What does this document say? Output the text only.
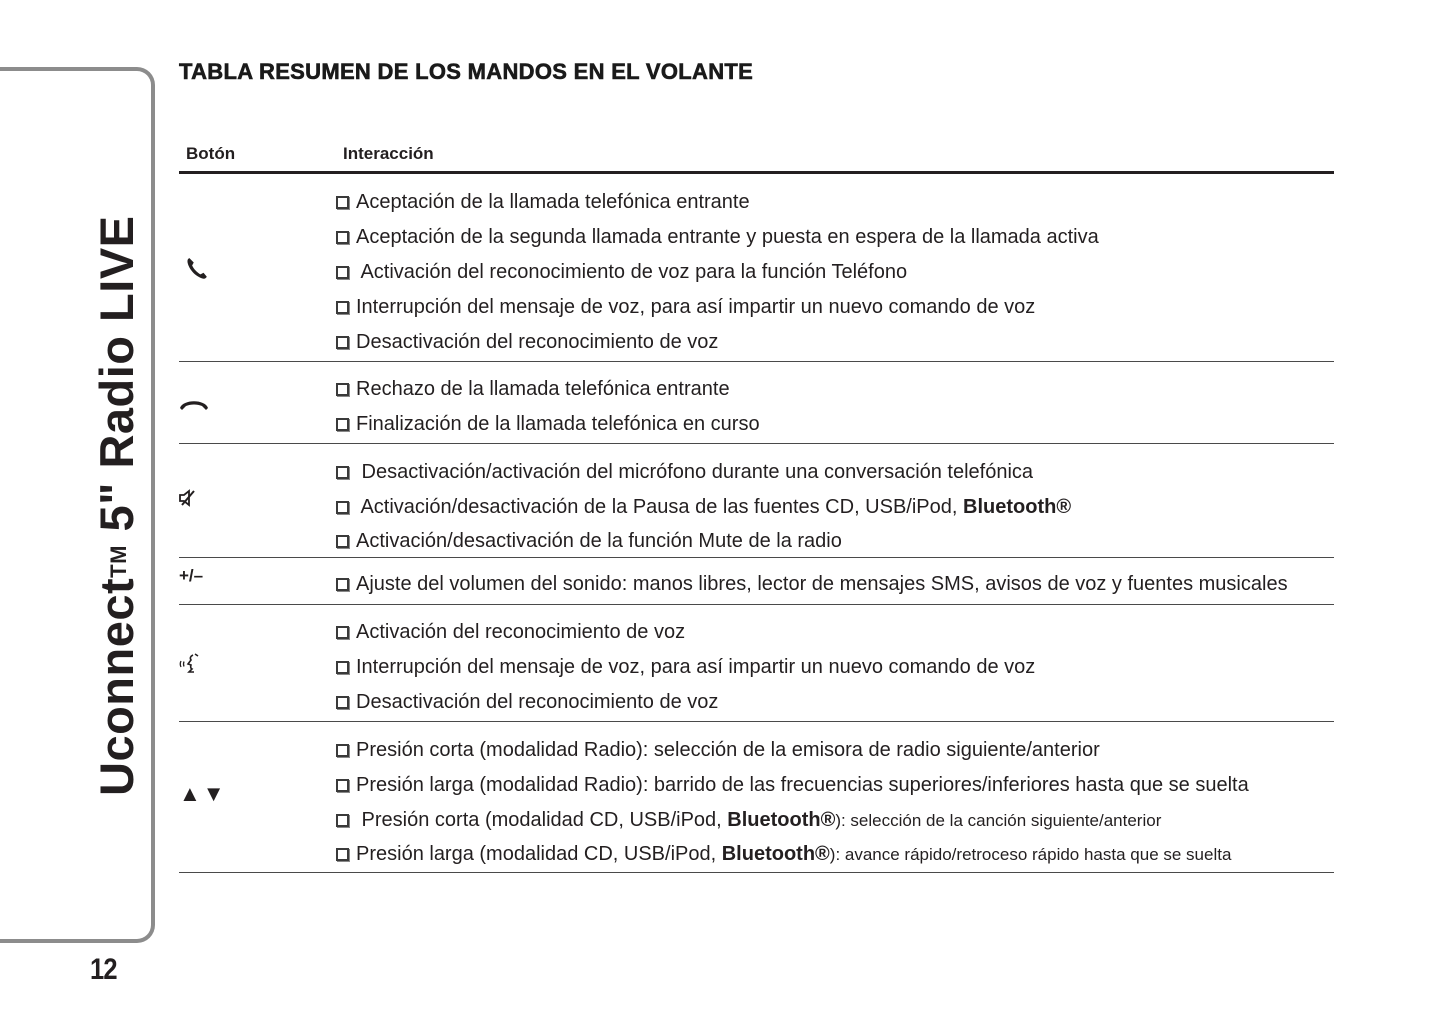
Uconnect™ 5" Radio LIVE
12
TABLA RESUMEN DE LOS MANDOS EN EL VOLANTE
Botón	Interacción
Aceptación de la llamada telefónica entrante
Aceptación de la segunda llamada entrante y puesta en espera de la llamada activa
Activación del reconocimiento de voz para la función Teléfono
Interrupción del mensaje de voz, para así impartir un nuevo comando de voz
Desactivación del reconocimiento de voz
Rechazo de la llamada telefónica entrante
Finalización de la llamada telefónica en curso
Desactivación/activación del micrófono durante una conversación telefónica
Activación/desactivación de la Pausa de las fuentes CD, USB/iPod, Bluetooth®
Activación/desactivación de la función Mute de la radio
+/–	Ajuste del volumen del sonido: manos libres, lector de mensajes SMS, avisos de voz y fuentes musicales
Activación del reconocimiento de voz
Interrupción del mensaje de voz, para así impartir un nuevo comando de voz
Desactivación del reconocimiento de voz
▲▼
Presión corta (modalidad Radio): selección de la emisora de radio siguiente/anterior
Presión larga (modalidad Radio): barrido de las frecuencias superiores/inferiores hasta que se suelta
Presión corta (modalidad CD, USB/iPod, Bluetooth®): selección de la canción siguiente/anterior
Presión larga (modalidad CD, USB/iPod, Bluetooth®): avance rápido/retroceso rápido hasta que se suelta
